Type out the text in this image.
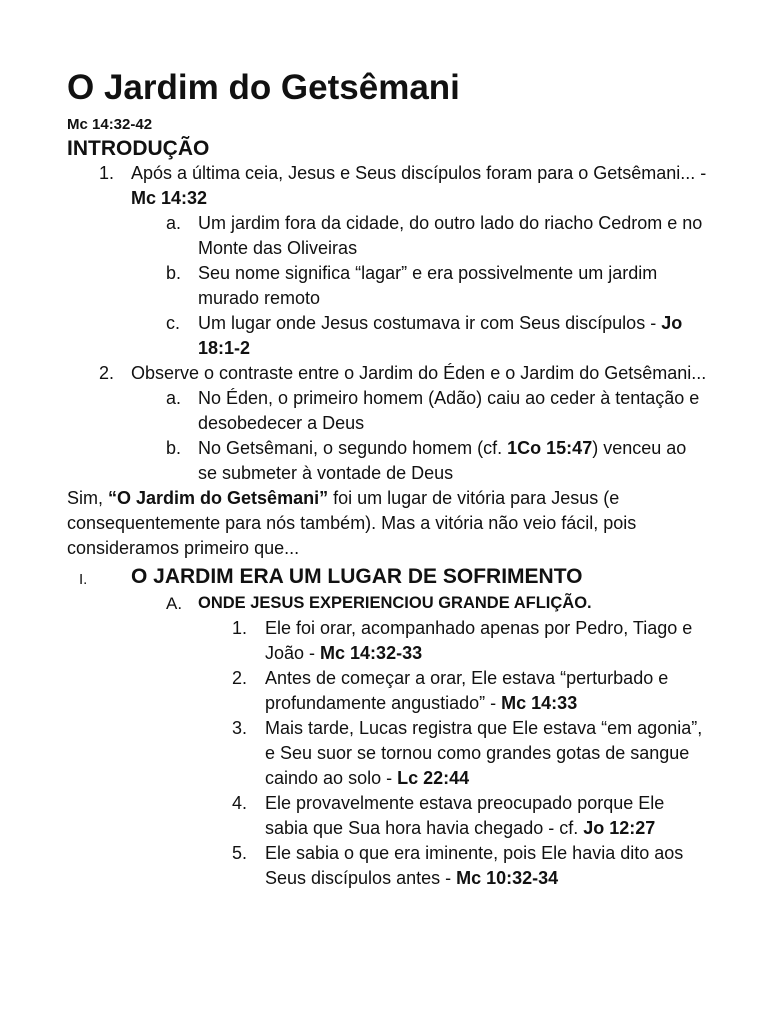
O Jardim do Getsêmani
Mc 14:32-42
INTRODUÇÃO
1. Após a última ceia, Jesus e Seus discípulos foram para o Getsêmani... - Mc 14:32
a. Um jardim fora da cidade, do outro lado do riacho Cedrom e no Monte das Oliveiras
b. Seu nome significa “lagar” e era possivelmente um jardim murado remoto
c. Um lugar onde Jesus costumava ir com Seus discípulos - Jo 18:1-2
2. Observe o contraste entre o Jardim do Éden e o Jardim do Getsêmani...
a. No Éden, o primeiro homem (Adão) caiu ao ceder à tentação e desobedecer a Deus
b. No Getsêmani, o segundo homem (cf. 1Co 15:47) venceu ao se submeter à vontade de Deus
Sim, “O Jardim do Getsêmani” foi um lugar de vitória para Jesus (e consequentemente para nós também). Mas a vitória não veio fácil, pois consideramos primeiro que...
I. O JARDIM ERA UM LUGAR DE SOFRIMENTO
A. ONDE JESUS EXPERIENCIOU GRANDE AFLIÇÃO.
1. Ele foi orar, acompanhado apenas por Pedro, Tiago e João - Mc 14:32-33
2. Antes de começar a orar, Ele estava “perturbado e profundamente angustiado” - Mc 14:33
3. Mais tarde, Lucas registra que Ele estava “em agonia”, e Seu suor se tornou como grandes gotas de sangue caindo ao solo - Lc 22:44
4. Ele provavelmente estava preocupado porque Ele sabia que Sua hora havia chegado - cf. Jo 12:27
5. Ele sabia o que era iminente, pois Ele havia dito aos Seus discípulos antes - Mc 10:32-34
